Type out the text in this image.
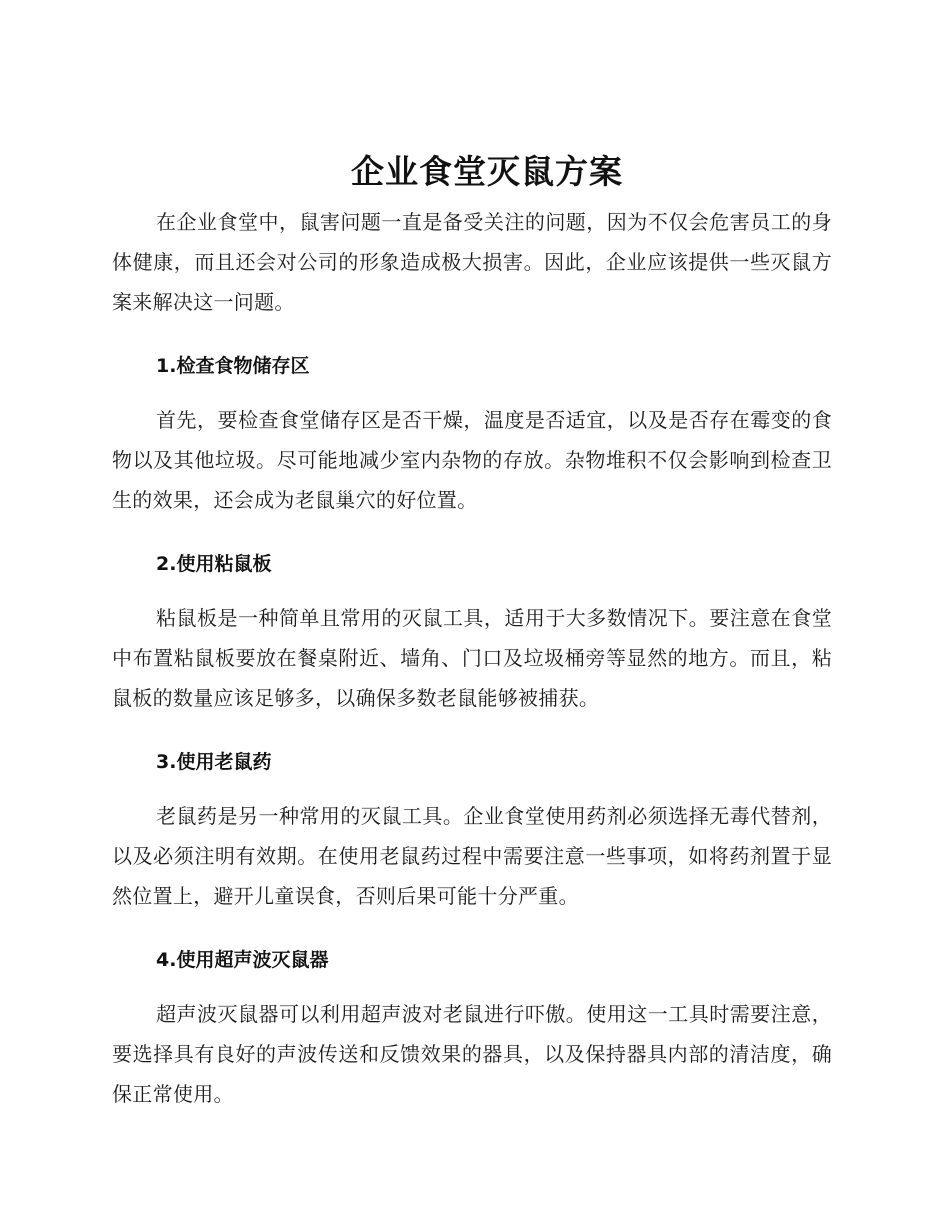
企业食堂灭鼠方案

在企业食堂中，鼠害问题一直是备受关注的问题，因为不仅会危害员工的身体健康，而且还会对公司的形象造成极大损害。因此，企业应该提供一些灭鼠方案来解决这一问题。

1.检查食物储存区

首先，要检查食堂储存区是否干燥，温度是否适宜，以及是否存在霉变的食物以及其他垃圾。尽可能地减少室内杂物的存放。杂物堆积不仅会影响到检查卫生的效果，还会成为老鼠巢穴的好位置。

2.使用粘鼠板

粘鼠板是一种简单且常用的灭鼠工具，适用于大多数情况下。要注意在食堂中布置粘鼠板要放在餐桌附近、墙角、门口及垃圾桶旁等显然的地方。而且，粘鼠板的数量应该足够多，以确保多数老鼠能够被捕获。

3.使用老鼠药

老鼠药是另一种常用的灭鼠工具。企业食堂使用药剂必须选择无毒代替剂，以及必须注明有效期。在使用老鼠药过程中需要注意一些事项，如将药剂置于显然位置上，避开儿童误食，否则后果可能十分严重。

4.使用超声波灭鼠器

超声波灭鼠器可以利用超声波对老鼠进行吓傲。使用这一工具时需要注意，要选择具有良好的声波传送和反馈效果的器具，以及保持器具内部的清洁度，确保正常使用。
